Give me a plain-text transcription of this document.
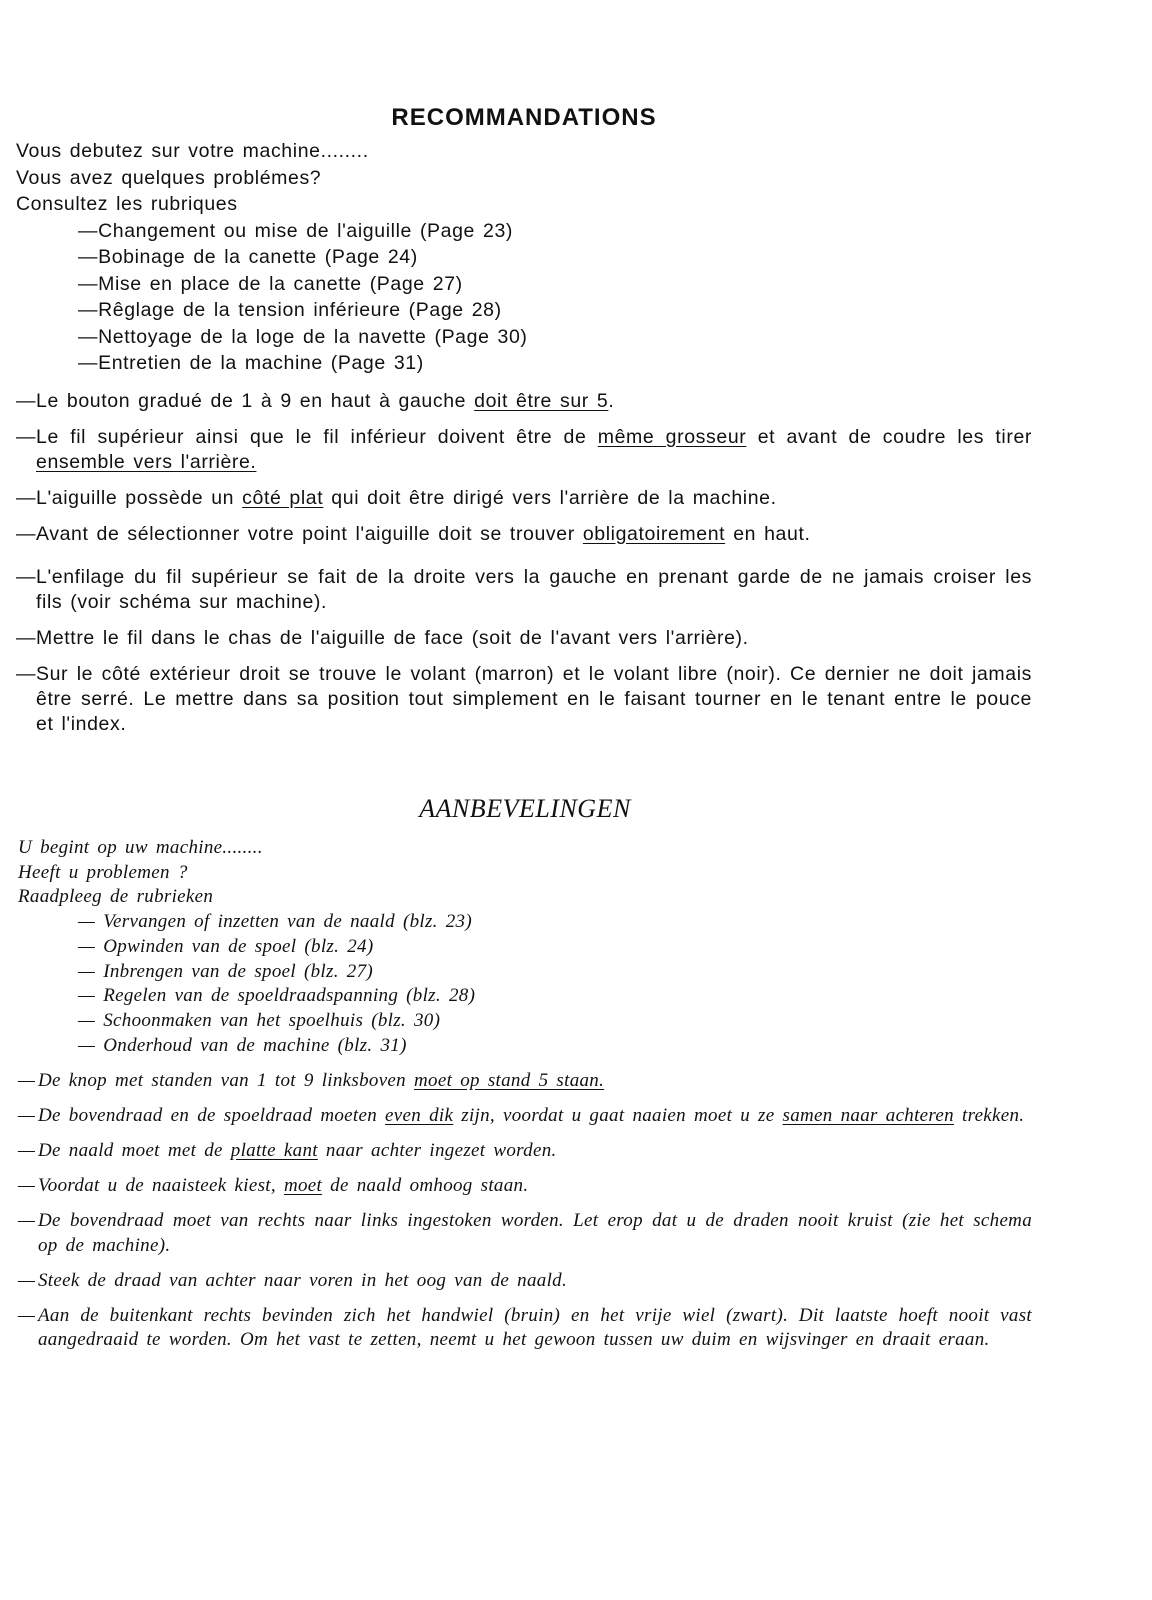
RECOMMANDATIONS
Vous debutez sur votre machine........
Vous avez quelques problémes?
Consultez les rubriques
—Changement ou mise de l'aiguille (Page 23)
—Bobinage de la canette (Page 24)
—Mise en place de la canette (Page 27)
—Rêglage de la tension inférieure (Page 28)
—Nettoyage de la loge de la navette (Page 30)
—Entretien de la machine (Page 31)
— Le bouton gradué de 1 à 9 en haut à gauche doit être sur 5.
— Le fil supérieur ainsi que le fil inférieur doivent être de même grosseur et avant de coudre les tirer ensemble vers l'arrière.
— L'aiguille possède un côté plat qui doit être dirigé vers l'arrière de la machine.
— Avant de sélectionner votre point l'aiguille doit se trouver obligatoirement en haut.
— L'enfilage du fil supérieur se fait de la droite vers la gauche en prenant garde de ne jamais croiser les fils (voir schéma sur machine).
— Mettre le fil dans le chas de l'aiguille de face (soit de l'avant vers l'arrière).
— Sur le côté extérieur droit se trouve le volant (marron) et le volant libre (noir). Ce dernier ne doit jamais être serré. Le mettre dans sa position tout simplement en le faisant tourner en le tenant entre le pouce et l'index.
AANBEVELINGEN
U begint op uw machine........
Heeft u problemen ?
Raadpleeg de rubrieken
— Vervangen of inzetten van de naald (blz. 23)
— Opwinden van de spoel (blz. 24)
— Inbrengen van de spoel (blz. 27)
— Regelen van de spoeldraadspanning (blz. 28)
— Schoonmaken van het spoelhuis (blz. 30)
— Onderhoud van de machine (blz. 31)
— De knop met standen van 1 tot 9 linksboven moet op stand 5 staan.
— De bovendraad en de spoeldraad moeten even dik zijn, voordat u gaat naaien moet u ze samen naar achteren trekken.
— De naald moet met de platte kant naar achter ingezet worden.
— Voordat u de naaisteek kiest, moet de naald omhoog staan.
— De bovendraad moet van rechts naar links ingestoken worden. Let erop dat u de draden nooit kruist (zie het schema op de machine).
— Steek de draad van achter naar voren in het oog van de naald.
— Aan de buitenkant rechts bevinden zich het handwiel (bruin) en het vrije wiel (zwart). Dit laatste hoeft nooit vast aangedraaid te worden. Om het vast te zetten, neemt u het gewoon tussen uw duim en wijsvinger en draait eraan.
